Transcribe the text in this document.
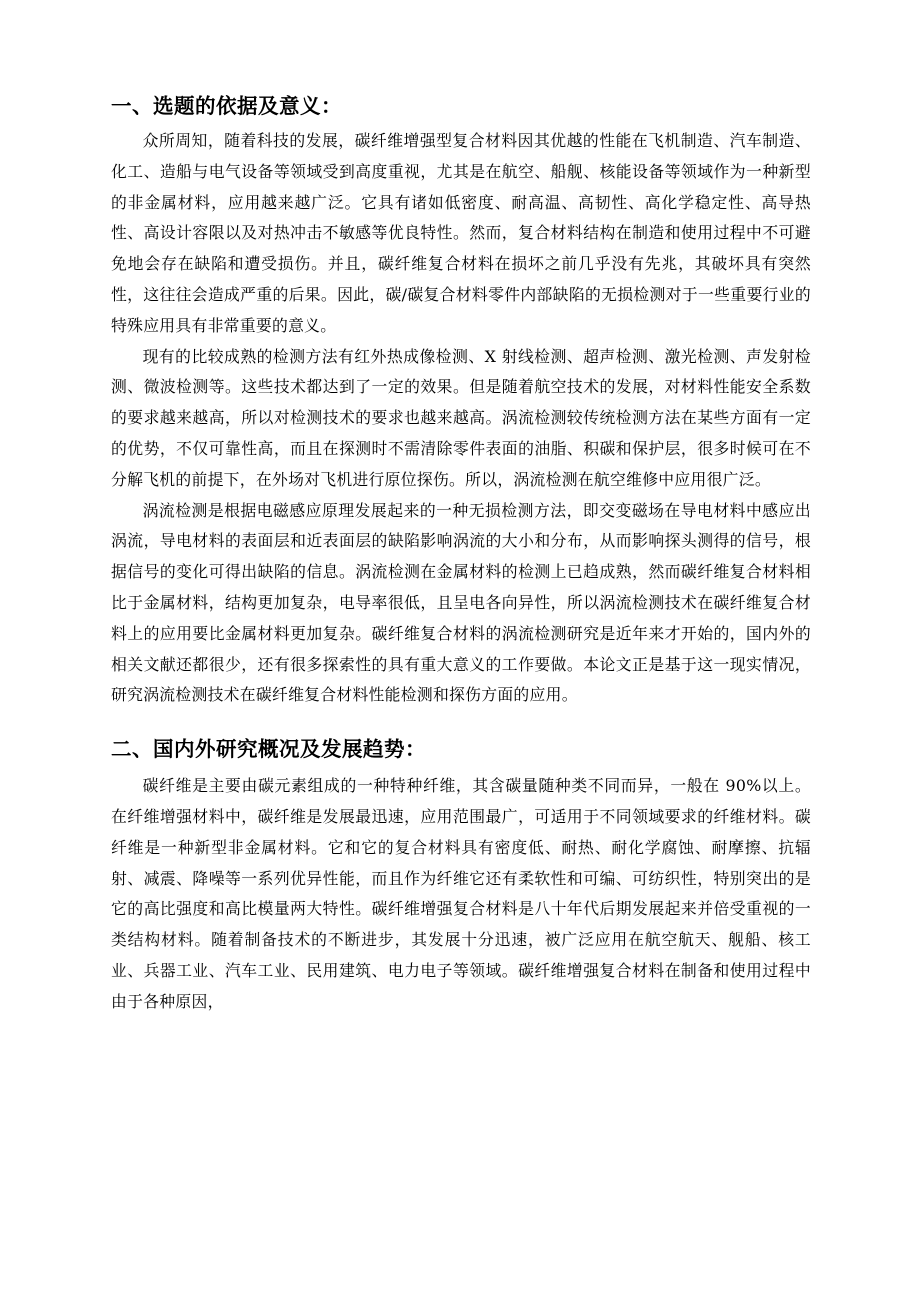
一、选题的依据及意义：

众所周知，随着科技的发展，碳纤维增强型复合材料因其优越的性能在飞机制造、汽车制造、化工、造船与电气设备等领域受到高度重视，尤其是在航空、船舰、核能设备等领域作为一种新型的非金属材料，应用越来越广泛。它具有诸如低密度、耐高温、高韧性、高化学稳定性、高导热性、高设计容限以及对热冲击不敏感等优良特性。然而，复合材料结构在制造和使用过程中不可避免地会存在缺陷和遭受损伤。并且，碳纤维复合材料在损坏之前几乎没有先兆，其破坏具有突然性，这往往会造成严重的后果。因此，碳/碳复合材料零件内部缺陷的无损检测对于一些重要行业的特殊应用具有非常重要的意义。

现有的比较成熟的检测方法有红外热成像检测、X 射线检测、超声检测、激光检测、声发射检测、微波检测等。这些技术都达到了一定的效果。但是随着航空技术的发展，对材料性能安全系数的要求越来越高，所以对检测技术的要求也越来越高。涡流检测较传统检测方法在某些方面有一定的优势，不仅可靠性高，而且在探测时不需清除零件表面的油脂、积碳和保护层，很多时候可在不分解飞机的前提下，在外场对飞机进行原位探伤。所以，涡流检测在航空维修中应用很广泛。

涡流检测是根据电磁感应原理发展起来的一种无损检测方法，即交变磁场在导电材料中感应出涡流，导电材料的表面层和近表面层的缺陷影响涡流的大小和分布，从而影响探头测得的信号，根据信号的变化可得出缺陷的信息。涡流检测在金属材料的检测上已趋成熟，然而碳纤维复合材料相比于金属材料，结构更加复杂，电导率很低，且呈电各向异性，所以涡流检测技术在碳纤维复合材料上的应用要比金属材料更加复杂。碳纤维复合材料的涡流检测研究是近年来才开始的，国内外的相关文献还都很少，还有很多探索性的具有重大意义的工作要做。本论文正是基于这一现实情况，研究涡流检测技术在碳纤维复合材料性能检测和探伤方面的应用。

二、国内外研究概况及发展趋势：

碳纤维是主要由碳元素组成的一种特种纤维，其含碳量随种类不同而异，一般在 90%以上。在纤维增强材料中，碳纤维是发展最迅速，应用范围最广，可适用于不同领域要求的纤维材料。碳纤维是一种新型非金属材料。它和它的复合材料具有密度低、耐热、耐化学腐蚀、耐摩擦、抗辐射、减震、降噪等一系列优异性能，而且作为纤维它还有柔软性和可编、可纺织性，特别突出的是它的高比强度和高比模量两大特性。碳纤维增强复合材料是八十年代后期发展起来并倍受重视的一类结构材料。随着制备技术的不断进步，其发展十分迅速，被广泛应用在航空航天、舰船、核工业、兵器工业、汽车工业、民用建筑、电力电子等领域。碳纤维增强复合材料在制备和使用过程中由于各种原因，
